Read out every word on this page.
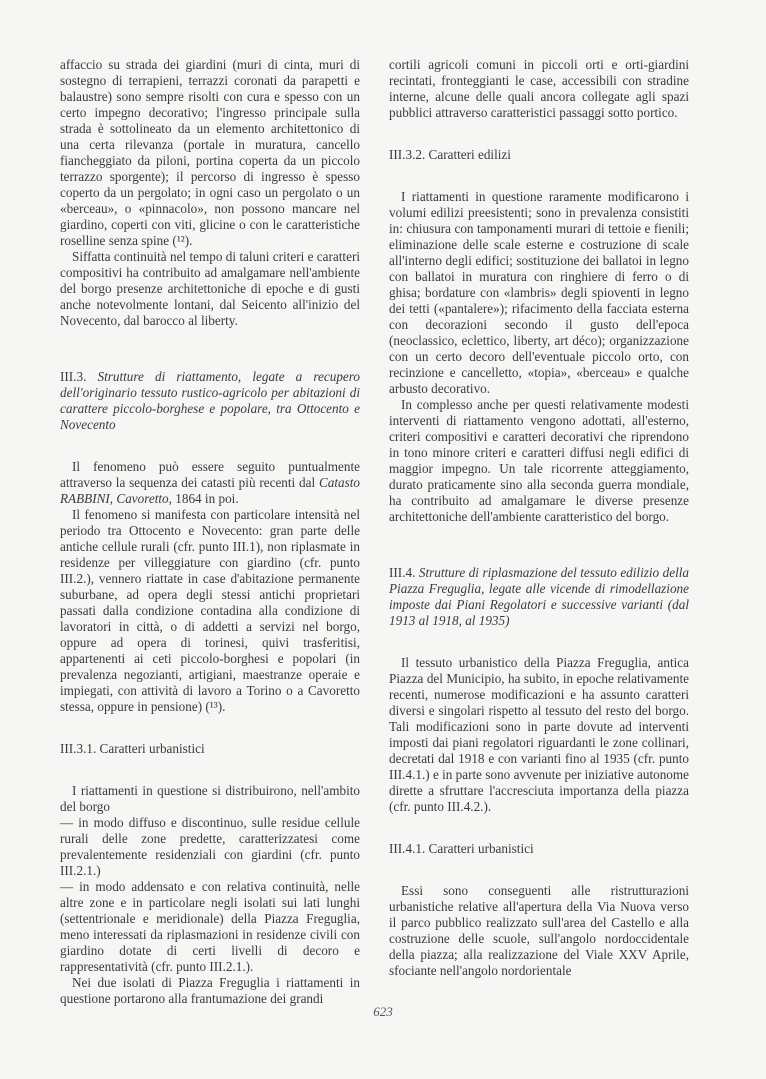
affaccio su strada dei giardini (muri di cinta, muri di sostegno di terrapieni, terrazzi coronati da parapetti e balaustre) sono sempre risolti con cura e spesso con un certo impegno decorativo; l'ingresso principale sulla strada è sottolineato da un elemento architettonico di una certa rilevanza (portale in muratura, cancello fiancheggiato da piloni, portina coperta da un piccolo terrazzo sporgente); il percorso di ingresso è spesso coperto da un pergolato; in ogni caso un pergolato o un «berceau», o «pinnacolo», non possono mancare nel giardino, coperti con viti, glicine o con le caratteristiche roselline senza spine (¹²).

Siffatta continuità nel tempo di taluni criteri e caratteri compositivi ha contribuito ad amalgamare nell'ambiente del borgo presenze architettoniche di epoche e di gusti anche notevolmente lontani, dal Seicento all'inizio del Novecento, dal barocco al liberty.

III.3. Strutture di riattamento, legate a recupero dell'originario tessuto rustico-agricolo per abitazioni di carattere piccolo-borghese e popolare, tra Ottocento e Novecento

Il fenomeno può essere seguito puntualmente attraverso la sequenza dei catasti più recenti dal Catasto RABBINI, Cavoretto, 1864 in poi.

Il fenomeno si manifesta con particolare intensità nel periodo tra Ottocento e Novecento: gran parte delle antiche cellule rurali (cfr. punto III.1), non riplasmate in residenze per villeggiature con giardino (cfr. punto III.2.), vennero riattate in case d'abitazione permanente suburbane, ad opera degli stessi antichi proprietari passati dalla condizione contadina alla condizione di lavoratori in città, o di addetti a servizi nel borgo, oppure ad opera di torinesi, quivi trasferitisi, appartenenti ai ceti piccolo-borghesi e popolari (in prevalenza negozianti, artigiani, maestranze operaie e impiegati, con attività di lavoro a Torino o a Cavoretto stessa, oppure in pensione) (¹³).

III.3.1. Caratteri urbanistici

I riattamenti in questione si distribuirono, nell'ambito del borgo

— in modo diffuso e discontinuo, sulle residue cellule rurali delle zone predette, caratterizzatesi come prevalentemente residenziali con giardini (cfr. punto III.2.1.)

— in modo addensato e con relativa continuità, nelle altre zone e in particolare negli isolati sui lati lunghi (settentrionale e meridionale) della Piazza Freguglia, meno interessati da riplasmazioni in residenze civili con giardino dotate di certi livelli di decoro e rappresentatività (cfr. punto III.2.1.).

Nei due isolati di Piazza Freguglia i riattamenti in questione portarono alla frantumazione dei grandi

cortili agricoli comuni in piccoli orti e orti-giardini recintati, fronteggianti le case, accessibili con stradine interne, alcune delle quali ancora collegate agli spazi pubblici attraverso caratteristici passaggi sotto portico.

III.3.2. Caratteri edilizi

I riattamenti in questione raramente modificarono i volumi edilizi preesistenti; sono in prevalenza consistiti in: chiusura con tamponamenti murari di tettoie e fienili; eliminazione delle scale esterne e costruzione di scale all'interno degli edifici; sostituzione dei ballatoi in legno con ballatoi in muratura con ringhiere di ferro o di ghisa; bordature con «lambris» degli spioventi in legno dei tetti («pantalere»); rifacimento della facciata esterna con decorazioni secondo il gusto dell'epoca (neoclassico, eclettico, liberty, art déco); organizzazione con un certo decoro dell'eventuale piccolo orto, con recinzione e cancelletto, «topia», «berceau» e qualche arbusto decorativo.

In complesso anche per questi relativamente modesti interventi di riattamento vengono adottati, all'esterno, criteri compositivi e caratteri decorativi che riprendono in tono minore criteri e caratteri diffusi negli edifici di maggior impegno. Un tale ricorrente atteggiamento, durato praticamente sino alla seconda guerra mondiale, ha contribuito ad amalgamare le diverse presenze architettoniche dell'ambiente caratteristico del borgo.

III.4. Strutture di riplasmazione del tessuto edilizio della Piazza Freguglia, legate alle vicende di rimodellazione imposte dai Piani Regolatori e successive varianti (dal 1913 al 1918, al 1935)

Il tessuto urbanistico della Piazza Freguglia, antica Piazza del Municipio, ha subito, in epoche relativamente recenti, numerose modificazioni e ha assunto caratteri diversi e singolari rispetto al tessuto del resto del borgo. Tali modificazioni sono in parte dovute ad interventi imposti dai piani regolatori riguardanti le zone collinari, decretati dal 1918 e con varianti fino al 1935 (cfr. punto III.4.1.) e in parte sono avvenute per iniziative autonome dirette a sfruttare l'accresciuta importanza della piazza (cfr. punto III.4.2.).

III.4.1. Caratteri urbanistici

Essi sono conseguenti alle ristrutturazioni urbanistiche relative all'apertura della Via Nuova verso il parco pubblico realizzato sull'area del Castello e alla costruzione delle scuole, sull'angolo nordoccidentale della piazza; alla realizzazione del Viale XXV Aprile, sfociante nell'angolo nordorientale

623
